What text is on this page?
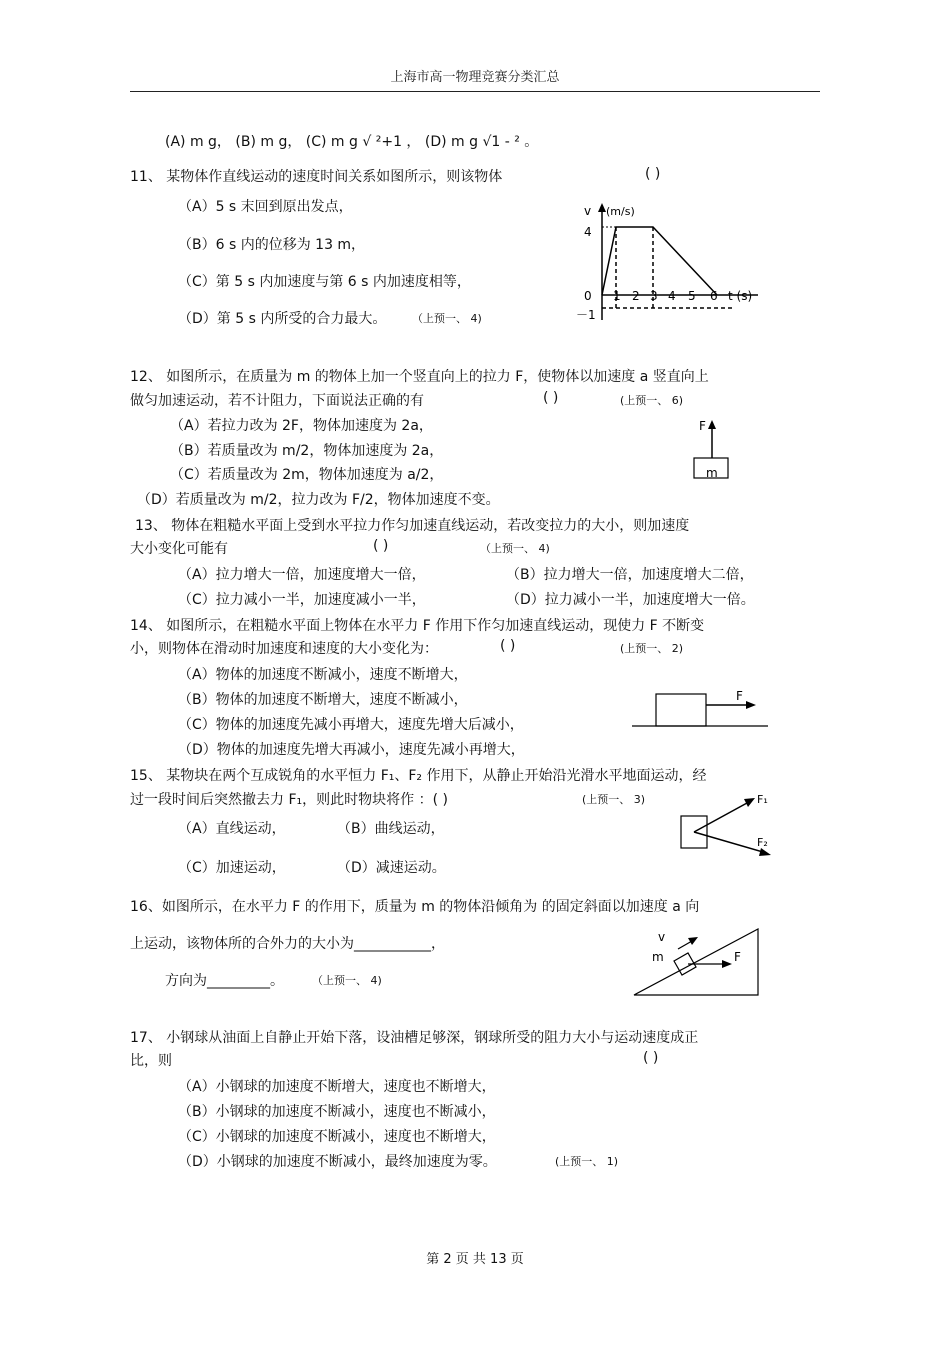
上海市高一物理竞赛分类汇总
(A) m g， (B) m g， (C) m g √ ²+1 ， (D) m g √1 - ² 。
11、 某物体作直线运动的速度时间关系如图所示，则该物体	( )
（A）5 s 末回到原出发点，
（B）6 s 内的位移为 13 m，
（C）第 5 s 内加速度与第 6 s 内加速度相等，
（D）第 5 s 内所受的合力最大。 （上预一、 4)
v (m/s)
4
0
－1
1 2 3 4 5 6 t (s)
12、 如图所示，在质量为 m 的物体上加一个竖直向上的拉力 F，使物体以加速度 a 竖直向上
做匀加速运动，若不计阻力，下面说法正确的有	( )	(上预一、 6)
（A）若拉力改为 2F，物体加速度为 2a，
（B）若质量改为 m/2，物体加速度为 2a，
（C）若质量改为 2m，物体加速度为 a/2，
（D）若质量改为 m/2，拉力改为 F/2，物体加速度不变。
F
m
13、 物体在粗糙水平面上受到水平拉力作匀加速直线运动，若改变拉力的大小，则加速度
大小变化可能有	( )	（上预一、 4)
（A）拉力增大一倍，加速度增大一倍，	（B）拉力增大一倍，加速度增大二倍，
（C）拉力减小一半，加速度减小一半，	（D）拉力减小一半，加速度增大一倍。
14、 如图所示，在粗糙水平面上物体在水平力 F 作用下作匀加速直线运动，现使力 F 不断变
小，则物体在滑动时加速度和速度的大小变化为：	( )	(上预一、 2)
（A）物体的加速度不断减小，速度不断增大，
（B）物体的加速度不断增大，速度不断减小，
（C）物体的加速度先减小再增大，速度先增大后减小，
（D）物体的加速度先增大再减小，速度先减小再增大，
F
15、 某物块在两个互成锐角的水平恒力 F₁、F₂ 作用下，从静止开始沿光滑水平地面运动，经
过一段时间后突然撤去力 F₁，则此时物块将作 ：( )	(上预一、 3)
（A）直线运动，	（B）曲线运动，
（C）加速运动，	（D）减速运动。
F₁
F₂
16、如图所示，在水平力 F 的作用下，质量为 m 的物体沿倾角为 的固定斜面以加速度 a 向
上运动，该物体所的合外力的大小为___________，
方向为_________。	（上预一、 4)
v
m	F
17、 小钢球从油面上自静止开始下落，设油槽足够深，钢球所受的阻力大小与运动速度成正
比，则	( )
（A）小钢球的加速度不断增大，速度也不断增大，
（B）小钢球的加速度不断减小，速度也不断减小，
（C）小钢球的加速度不断减小，速度也不断增大，
（D）小钢球的加速度不断减小，最终加速度为零。	(上预一、 1)
第 2 页 共 13 页
